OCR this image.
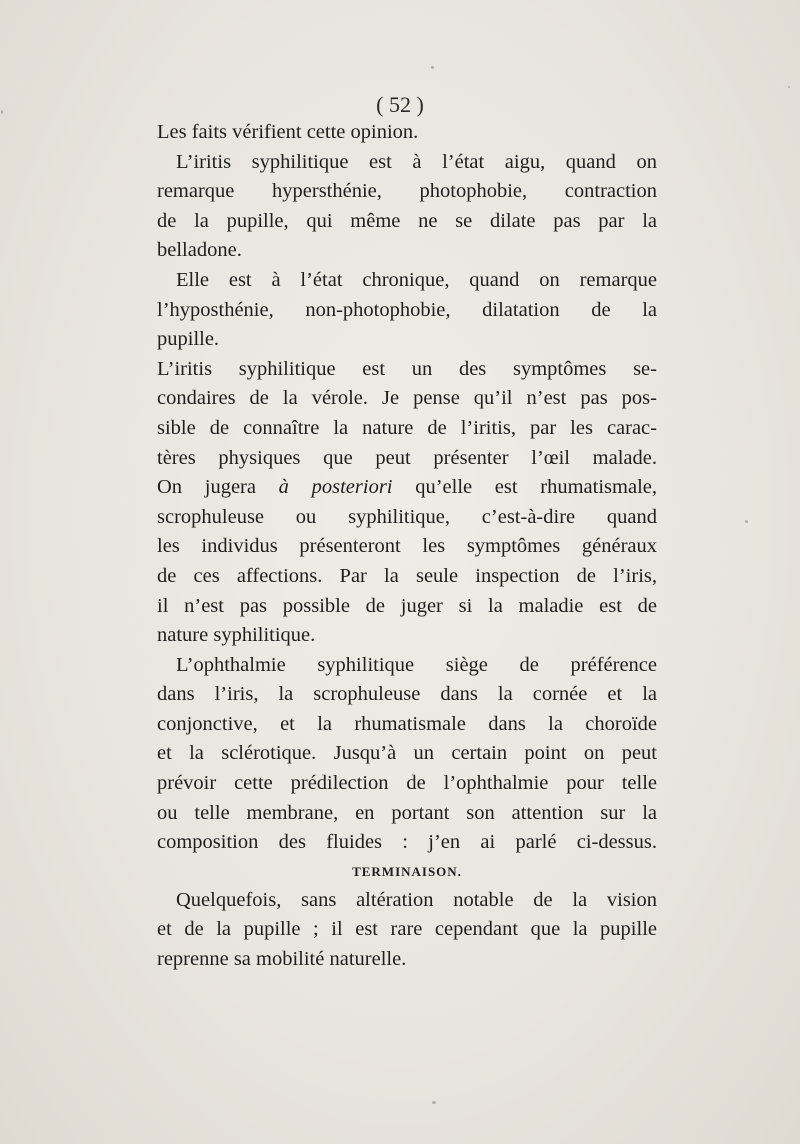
( 52 )
Les faits vérifient cette opinion.
L’iritis syphilitique est à l’état aigu, quand on
remarque hypersthénie, photophobie, contraction
de la pupille, qui même ne se dilate pas par la
belladone.
Elle est à l’état chronique, quand on remarque
l’hyposthénie, non-photophobie, dilatation de la
pupille.
L’iritis syphilitique est un des symptômes se-
condaires de la vérole. Je pense qu’il n’est pas pos-
sible de connaître la nature de l’iritis, par les carac-
tères physiques que peut présenter l’œil malade.
On jugera à posteriori qu’elle est rhumatismale,
scrophuleuse ou syphilitique, c’est-à-dire quand
les individus présenteront les symptômes généraux
de ces affections. Par la seule inspection de l’iris,
il n’est pas possible de juger si la maladie est de
nature syphilitique.
L’ophthalmie syphilitique siège de préférence
dans l’iris, la scrophuleuse dans la cornée et la
conjonctive, et la rhumatismale dans la choroïde
et la sclérotique. Jusqu’à un certain point on peut
prévoir cette prédilection de l’ophthalmie pour telle
ou telle membrane, en portant son attention sur la
composition des fluides : j’en ai parlé ci-dessus.
TERMINAISON.
Quelquefois, sans altération notable de la vision
et de la pupille ; il est rare cependant que la pupille
reprenne sa mobilité naturelle.
